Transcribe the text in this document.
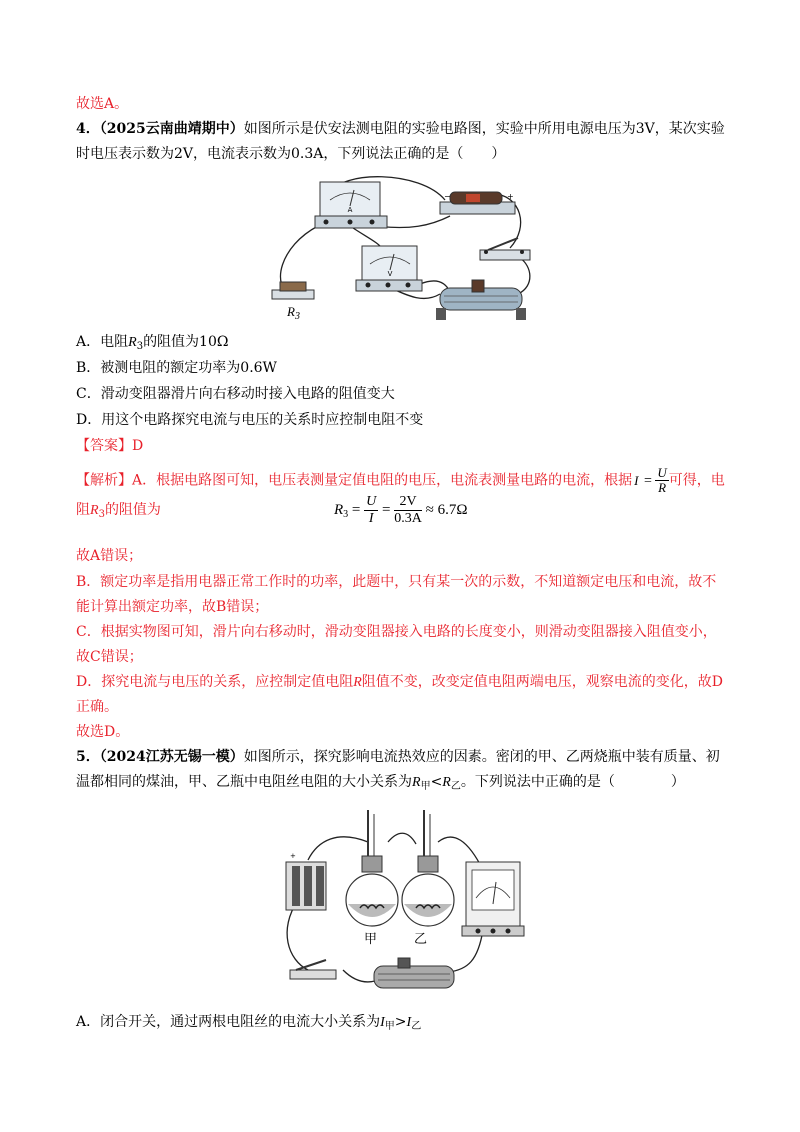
故选A。
4．（2025云南曲靖期中）如图所示是伏安法测电阻的实验电路图，实验中所用电源电压为3V，某次实验
时电压表示数为2V，电流表示数为0.3A，下列说法正确的是（　　）
A
−	+
V
$R_3$
A．电阻$R_3$的阻值为10Ω
B．被测电阻的额定功率为0.6W
C．滑动变阻器滑片向右移动时接入电路的阻值变大
D．用这个电路探究电流与电压的关系时应控制电阻不变
【答案】D
【解析】A．根据电路图可知，电压表测量定值电阻的电压，电流表测量电路的电流，根据 $I = \frac{U}{R}$ 可得，电
阻$R_3$的阻值为	$R_3 = \frac{U}{I} = \frac{2V}{0.3A} \approx 6.7\Omega$
故A错误；
B．额定功率是指用电器正常工作时的功率，此题中，只有某一次的示数，不知道额定电压和电流，故不
能计算出额定功率，故B错误；
C．根据实物图可知，滑片向右移动时，滑动变阻器接入电路的长度变小，则滑动变阻器接入阻值变小，
故C错误；
D．探究电流与电压的关系，应控制定值电阻R阻值不变，改变定值电阻两端电压，观察电流的变化，故D
正确。
故选D。
5．（2024江苏无锡一模）如图所示，探究影响电流热效应的因素。密闭的甲、乙两烧瓶中装有质量、初
温都相同的煤油，甲、乙瓶中电阻丝电阻的大小关系为$R_甲<R_乙$。下列说法中正确的是（　　　　）
+
甲	乙
A．闭合开关，通过两根电阻丝的电流大小关系为$I_甲>I_乙$
